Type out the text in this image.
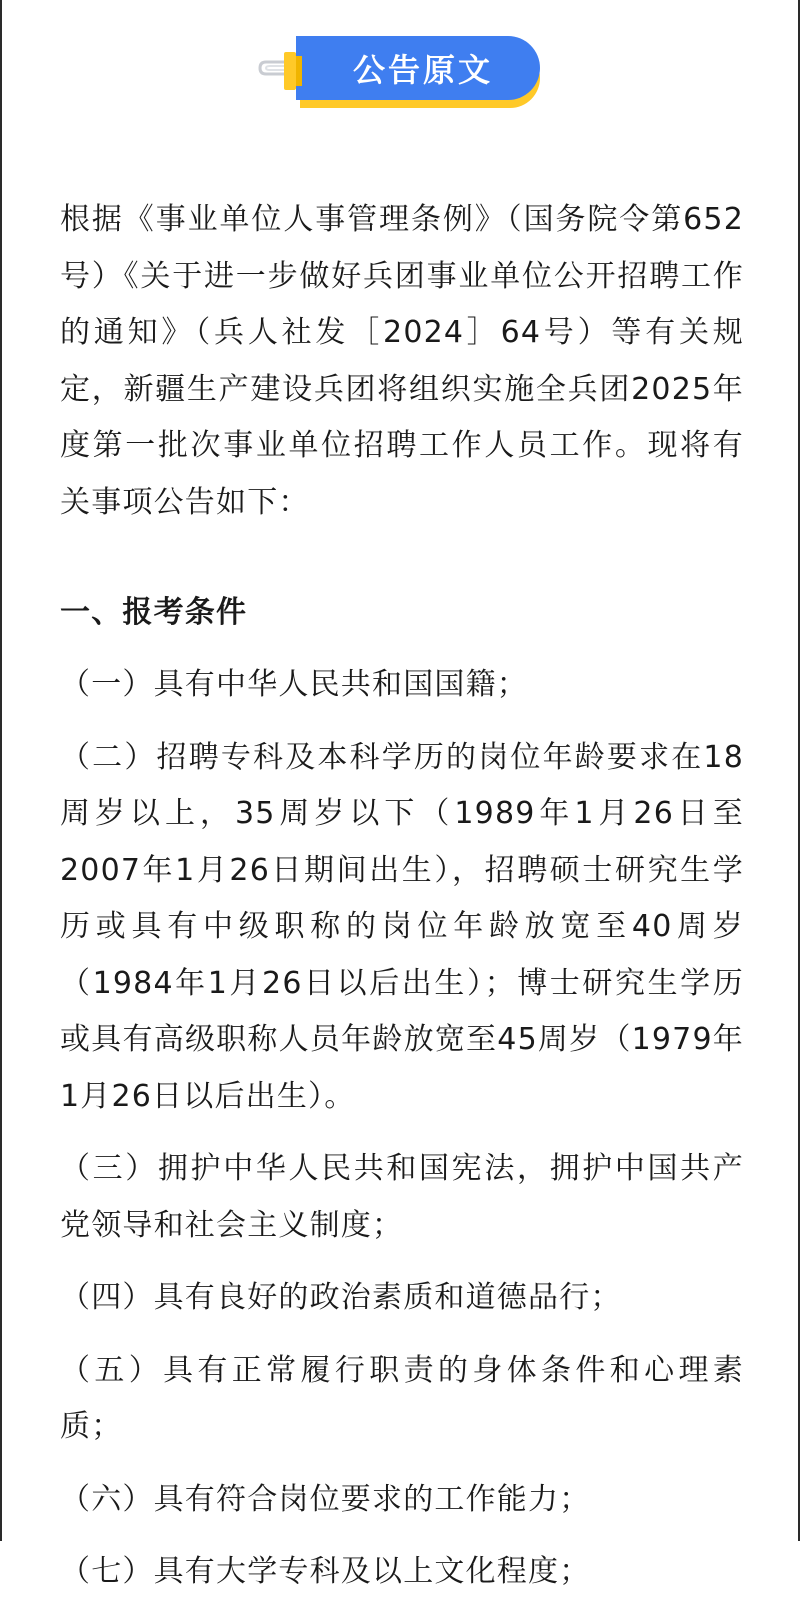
公告原文

根据《事业单位人事管理条例》（国务院令第652号）《关于进一步做好兵团事业单位公开招聘工作的通知》（兵人社发［2024］64号）等有关规定，新疆生产建设兵团将组织实施全兵团2025年度第一批次事业单位招聘工作人员工作。现将有关事项公告如下：

一、报考条件

（一）具有中华人民共和国国籍；

（二）招聘专科及本科学历的岗位年龄要求在18周岁以上，35周岁以下（1989年1月26日至2007年1月26日期间出生），招聘硕士研究生学历或具有中级职称的岗位年龄放宽至40周岁（1984年1月26日以后出生）；博士研究生学历或具有高级职称人员年龄放宽至45周岁（1979年1月26日以后出生）。

（三）拥护中华人民共和国宪法，拥护中国共产党领导和社会主义制度；

（四）具有良好的政治素质和道德品行；

（五）具有正常履行职责的身体条件和心理素质；

（六）具有符合岗位要求的工作能力；

（七）具有大学专科及以上文化程度；
